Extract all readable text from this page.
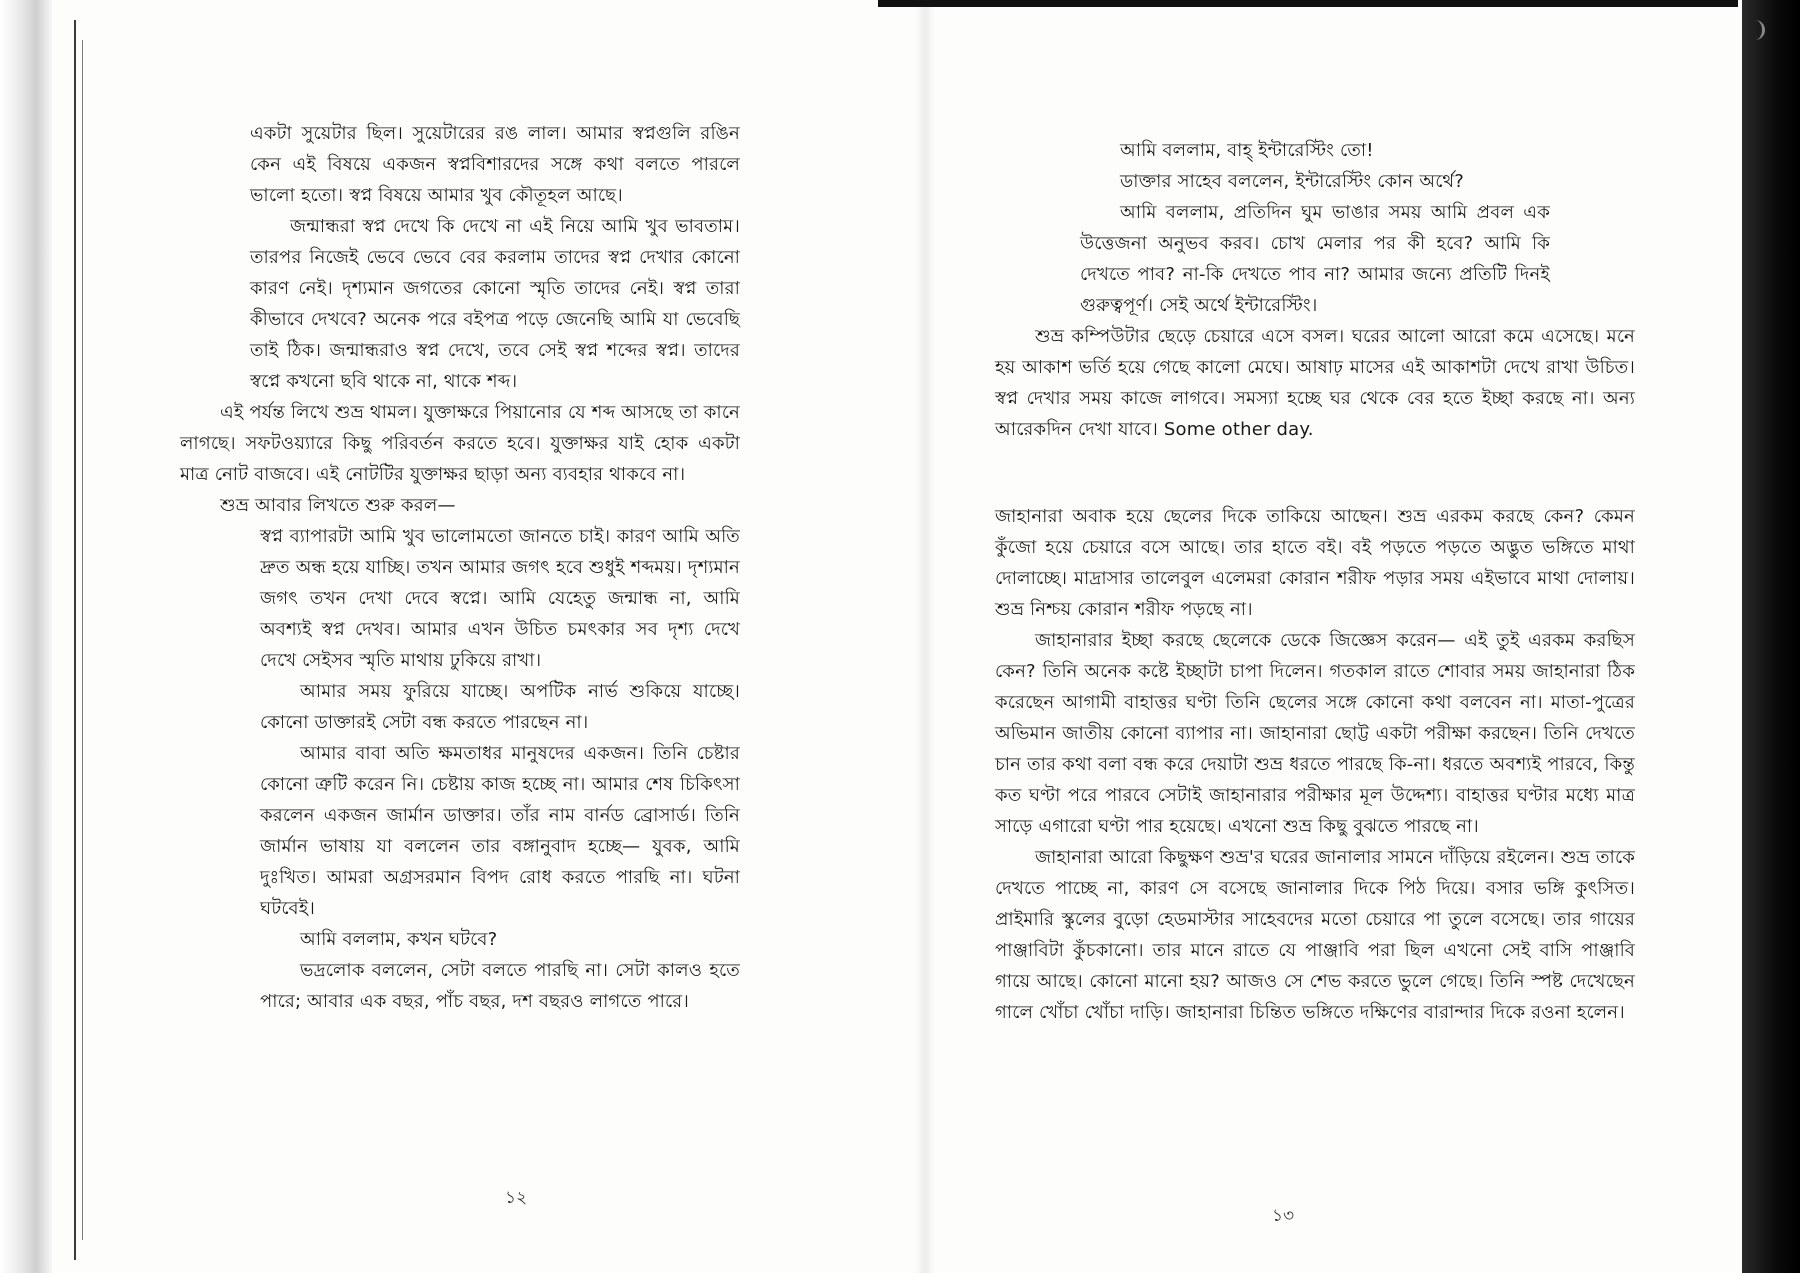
একটা সুয়েটার ছিল। সুয়েটারের রঙ লাল। আমার স্বপ্নগুলি রঙিন কেন এই বিষয়ে একজন স্বপ্নবিশারদের সঙ্গে কথা বলতে পারলে ভালো হতো। স্বপ্ন বিষয়ে আমার খুব কৌতূহল আছে।

জন্মান্ধরা স্বপ্ন দেখে কি দেখে না এই নিয়ে আমি খুব ভাবতাম। তারপর নিজেই ভেবে ভেবে বের করলাম তাদের স্বপ্ন দেখার কোনো কারণ নেই। দৃশ্যমান জগতের কোনো স্মৃতি তাদের নেই। স্বপ্ন তারা কীভাবে দেখবে? অনেক পরে বইপত্র পড়ে জেনেছি আমি যা ভেবেছি তাই ঠিক। জন্মান্ধরাও স্বপ্ন দেখে, তবে সেই স্বপ্ন শব্দের স্বপ্ন। তাদের স্বপ্নে কখনো ছবি থাকে না, থাকে শব্দ।

এই পর্যন্ত লিখে শুভ্র থামল। যুক্তাক্ষরে পিয়ানোর যে শব্দ আসছে তা কানে লাগছে। সফটওয়্যারে কিছু পরিবর্তন করতে হবে। যুক্তাক্ষর যাই হোক একটা মাত্র নোট বাজবে। এই নোটটির যুক্তাক্ষর ছাড়া অন্য ব্যবহার থাকবে না।

শুভ্র আবার লিখতে শুরু করল—

স্বপ্ন ব্যাপারটা আমি খুব ভালোমতো জানতে চাই। কারণ আমি অতি দ্রুত অন্ধ হয়ে যাচ্ছি। তখন আমার জগৎ হবে শুধুই শব্দময়। দৃশ্যমান জগৎ তখন দেখা দেবে স্বপ্নে। আমি যেহেতু জন্মান্ধ না, আমি অবশ্যই স্বপ্ন দেখব। আমার এখন উচিত চমৎকার সব দৃশ্য দেখে দেখে সেইসব স্মৃতি মাথায় ঢুকিয়ে রাখা।

আমার সময় ফুরিয়ে যাচ্ছে। অপটিক নার্ভ শুকিয়ে যাচ্ছে। কোনো ডাক্তারই সেটা বন্ধ করতে পারছেন না।

আমার বাবা অতি ক্ষমতাধর মানুষদের একজন। তিনি চেষ্টার কোনো ত্রুটি করেন নি। চেষ্টায় কাজ হচ্ছে না। আমার শেষ চিকিৎসা করলেন একজন জার্মান ডাক্তার। তাঁর নাম বার্নড ব্রোসার্ড। তিনি জার্মান ভাষায় যা বললেন তার বঙ্গানুবাদ হচ্ছে— যুবক, আমি দুঃখিত। আমরা অগ্রসরমান বিপদ রোধ করতে পারছি না। ঘটনা ঘটবেই।

আমি বললাম, কখন ঘটবে?

ভদ্রলোক বললেন, সেটা বলতে পারছি না। সেটা কালও হতে পারে; আবার এক বছর, পাঁচ বছর, দশ বছরও লাগতে পারে।

১২

আমি বললাম, বাহ্‌ ইন্টারেস্টিং তো!

ডাক্তার সাহেব বললেন, ইন্টারেস্টিং কোন অর্থে?

আমি বললাম, প্রতিদিন ঘুম ভাঙার সময় আমি প্রবল এক উত্তেজনা অনুভব করব। চোখ মেলার পর কী হবে? আমি কি দেখতে পাব? না-কি দেখতে পাব না? আমার জন্যে প্রতিটি দিনই গুরুত্বপূর্ণ। সেই অর্থে ইন্টারেস্টিং।

শুভ্র কম্পিউটার ছেড়ে চেয়ারে এসে বসল। ঘরের আলো আরো কমে এসেছে। মনে হয় আকাশ ভর্তি হয়ে গেছে কালো মেঘে। আষাঢ় মাসের এই আকাশটা দেখে রাখা উচিত। স্বপ্ন দেখার সময় কাজে লাগবে। সমস্যা হচ্ছে ঘর থেকে বের হতে ইচ্ছা করছে না। অন্য আরেকদিন দেখা যাবে। Some other day.

জাহানারা অবাক হয়ে ছেলের দিকে তাকিয়ে আছেন। শুভ্র এরকম করছে কেন? কেমন কুঁজো হয়ে চেয়ারে বসে আছে। তার হাতে বই। বই পড়তে পড়তে অদ্ভুত ভঙ্গিতে মাথা দোলাচ্ছে। মাদ্রাসার তালেবুল এলেমরা কোরান শরীফ পড়ার সময় এইভাবে মাথা দোলায়। শুভ্র নিশ্চয় কোরান শরীফ পড়ছে না।

জাহানারার ইচ্ছা করছে ছেলেকে ডেকে জিজ্ঞেস করেন— এই তুই এরকম করছিস কেন? তিনি অনেক কষ্টে ইচ্ছাটা চাপা দিলেন। গতকাল রাতে শোবার সময় জাহানারা ঠিক করেছেন আগামী বাহাত্তর ঘণ্টা তিনি ছেলের সঙ্গে কোনো কথা বলবেন না। মাতা-পুত্রের অভিমান জাতীয় কোনো ব্যাপার না। জাহানারা ছোট্ট একটা পরীক্ষা করছেন। তিনি দেখতে চান তার কথা বলা বন্ধ করে দেয়াটা শুভ্র ধরতে পারছে কি-না। ধরতে অবশ্যই পারবে, কিন্তু কত ঘণ্টা পরে পারবে সেটাই জাহানারার পরীক্ষার মূল উদ্দেশ্য। বাহাত্তর ঘণ্টার মধ্যে মাত্র সাড়ে এগারো ঘণ্টা পার হয়েছে। এখনো শুভ্র কিছু বুঝতে পারছে না।

জাহানারা আরো কিছুক্ষণ শুভ্র'র ঘরের জানালার সামনে দাঁড়িয়ে রইলেন। শুভ্র তাকে দেখতে পাচ্ছে না, কারণ সে বসেছে জানালার দিকে পিঠ দিয়ে। বসার ভঙ্গি কুৎসিত। প্রাইমারি স্কুলের বুড়ো হেডমাস্টার সাহেবদের মতো চেয়ারে পা তুলে বসেছে। তার গায়ের পাঞ্জাবিটা কুঁচকানো। তার মানে রাতে যে পাঞ্জাবি পরা ছিল এখনো সেই বাসি পাঞ্জাবি গায়ে আছে। কোনো মানো হয়? আজও সে শেভ করতে ভুলে গেছে। তিনি স্পষ্ট দেখেছেন গালে খোঁচা খোঁচা দাড়ি। জাহানারা চিন্তিত ভঙ্গিতে দক্ষিণের বারান্দার দিকে রওনা হলেন।

১৩
